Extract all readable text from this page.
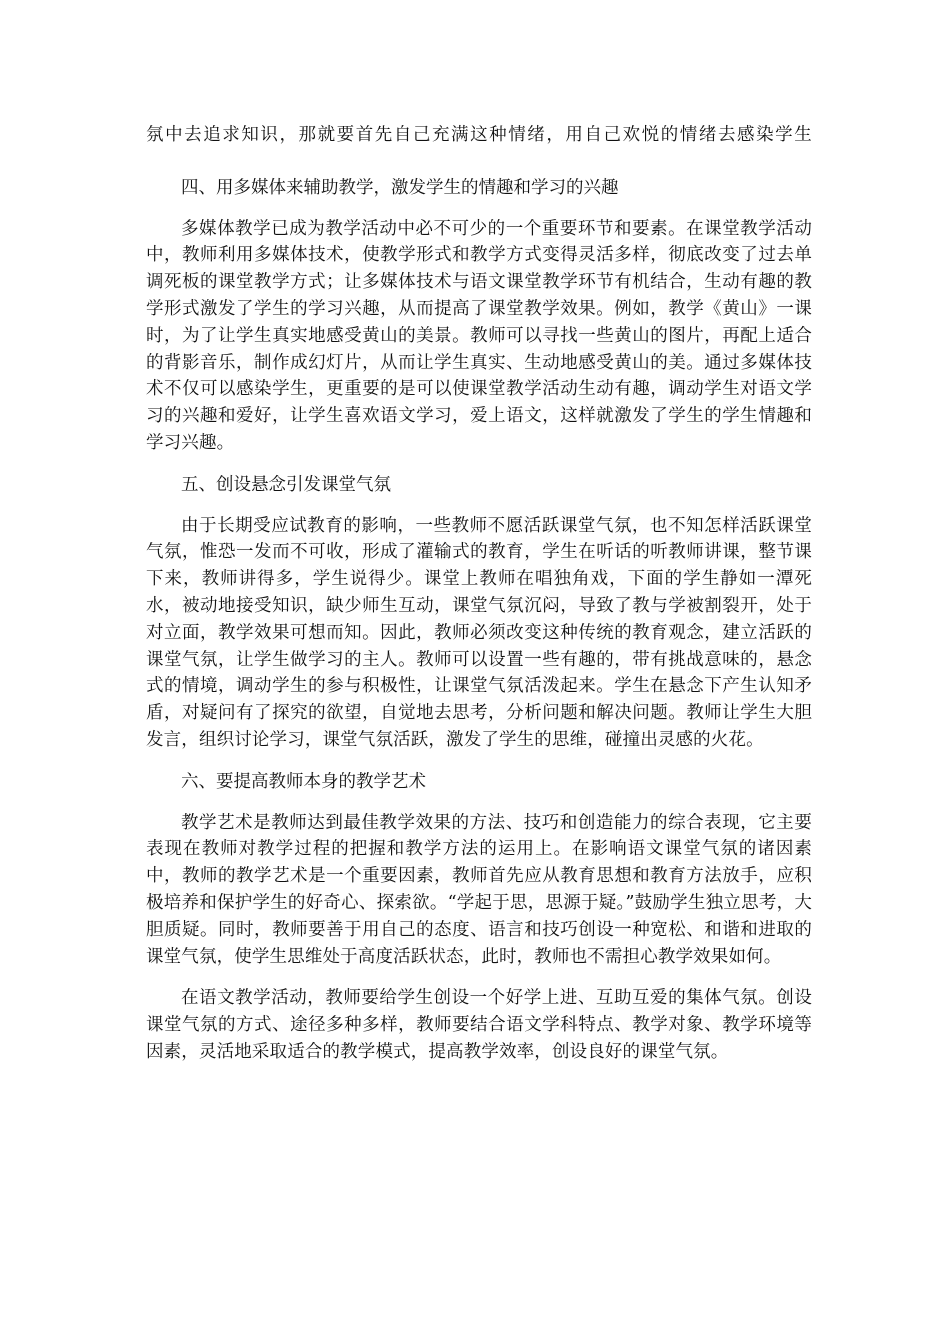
氛中去追求知识，那就要首先自己充满这种情绪，用自己欢悦的情绪去感染学生

四、用多媒体来辅助教学，激发学生的情趣和学习的兴趣

多媒体教学已成为教学活动中必不可少的一个重要环节和要素。在课堂教学活动中，教师利用多媒体技术，使教学形式和教学方式变得灵活多样，彻底改变了过去单调死板的课堂教学方式；让多媒体技术与语文课堂教学环节有机结合，生动有趣的教学形式激发了学生的学习兴趣，从而提高了课堂教学效果。例如，教学《黄山》一课时，为了让学生真实地感受黄山的美景。教师可以寻找一些黄山的图片，再配上适合的背影音乐，制作成幻灯片，从而让学生真实、生动地感受黄山的美。通过多媒体技术不仅可以感染学生，更重要的是可以使课堂教学活动生动有趣，调动学生对语文学习的兴趣和爱好，让学生喜欢语文学习，爱上语文，这样就激发了学生的学生情趣和学习兴趣。

五、创设悬念引发课堂气氛

由于长期受应试教育的影响，一些教师不愿活跃课堂气氛，也不知怎样活跃课堂气氛，惟恐一发而不可收，形成了灌输式的教育，学生在听话的听教师讲课，整节课下来，教师讲得多，学生说得少。课堂上教师在唱独角戏，下面的学生静如一潭死水，被动地接受知识，缺少师生互动，课堂气氛沉闷，导致了教与学被割裂开，处于对立面，教学效果可想而知。因此，教师必须改变这种传统的教育观念，建立活跃的课堂气氛，让学生做学习的主人。教师可以设置一些有趣的，带有挑战意味的，悬念式的情境，调动学生的参与积极性，让课堂气氛活泼起来。学生在悬念下产生认知矛盾，对疑问有了探究的欲望，自觉地去思考，分析问题和解决问题。教师让学生大胆发言，组织讨论学习，课堂气氛活跃，激发了学生的思维，碰撞出灵感的火花。

六、要提高教师本身的教学艺术

教学艺术是教师达到最佳教学效果的方法、技巧和创造能力的综合表现，它主要表现在教师对教学过程的把握和教学方法的运用上。在影响语文课堂气氛的诸因素中，教师的教学艺术是一个重要因素，教师首先应从教育思想和教育方法放手，应积极培养和保护学生的好奇心、探索欲。“学起于思，思源于疑。”鼓励学生独立思考，大胆质疑。同时，教师要善于用自己的态度、语言和技巧创设一种宽松、和谐和进取的课堂气氛，使学生思维处于高度活跃状态，此时，教师也不需担心教学效果如何。

在语文教学活动，教师要给学生创设一个好学上进、互助互爱的集体气氛。创设课堂气氛的方式、途径多种多样，教师要结合语文学科特点、教学对象、教学环境等因素，灵活地采取适合的教学模式，提高教学效率，创设良好的课堂气氛。
